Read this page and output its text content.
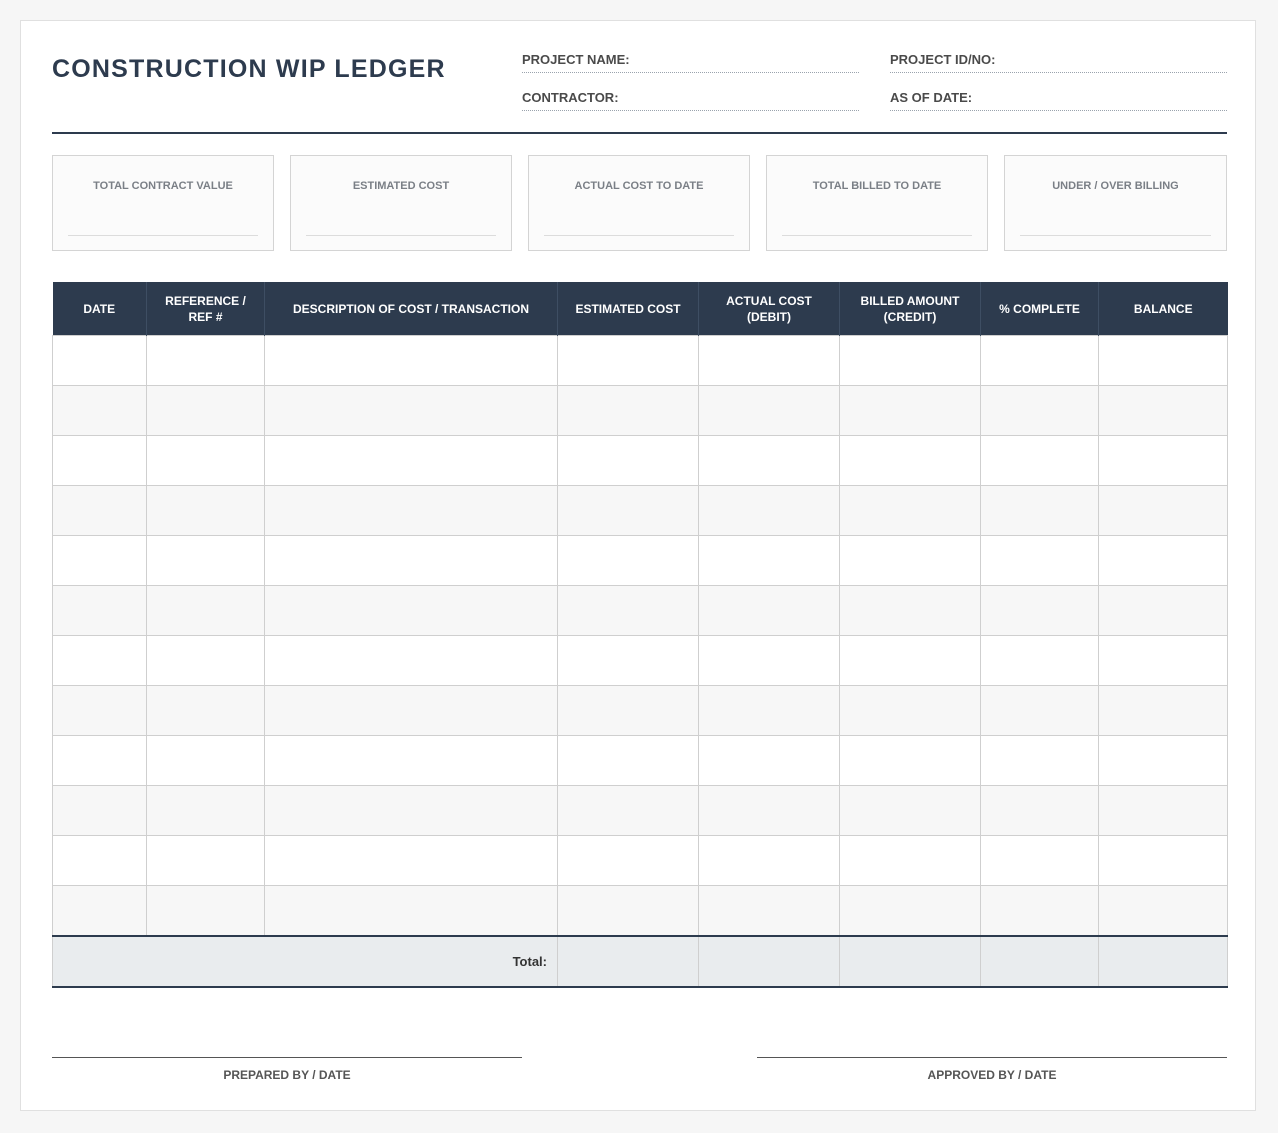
CONSTRUCTION WIP LEDGER	PROJECT NAME:	PROJECT ID/NO:
CONTRACTOR:	AS OF DATE:
TOTAL CONTRACT VALUE	ESTIMATED COST	ACTUAL COST TO DATE	TOTAL BILLED TO DATE	UNDER / OVER BILLING
DATE	REFERENCE / REF #	DESCRIPTION OF COST / TRANSACTION	ESTIMATED COST	ACTUAL COST (DEBIT)	BILLED AMOUNT (CREDIT)	% COMPLETE	BALANCE

Total:							
PREPARED BY / DATE	APPROVED BY / DATE
